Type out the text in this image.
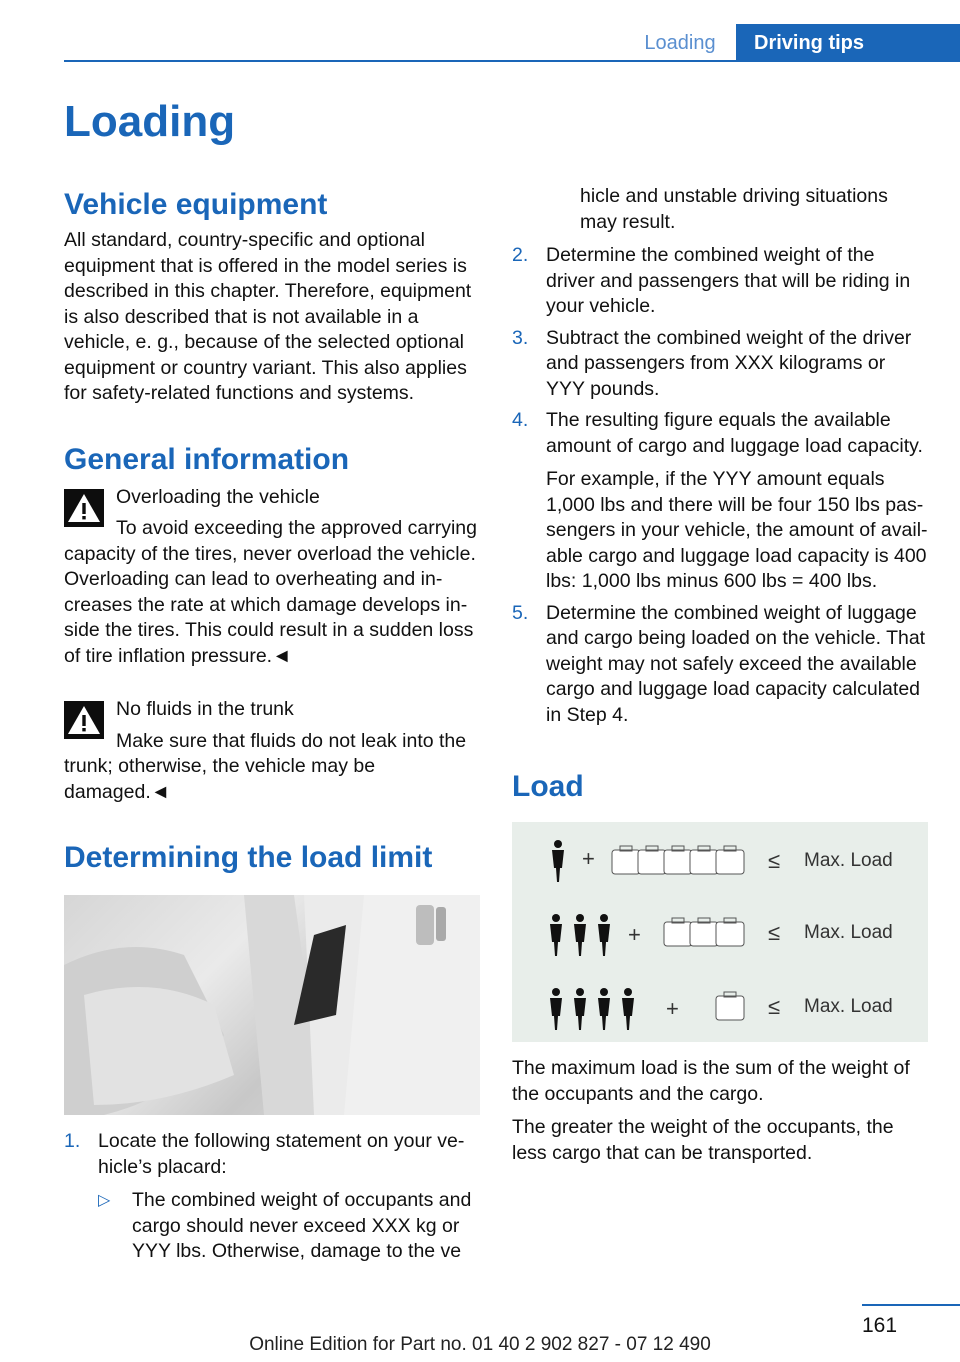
Loading	Driving tips
Loading
Vehicle equipment

All standard, country-specific and optional equipment that is offered in the model series is described in this chapter. Therefore, equipment is also described that is not available in a vehicle, e. g., because of the selected optional equipment or country variant. This also applies for safety-related functions and systems.

General information
Overloading the vehicle

To avoid exceeding the approved carrying capacity of the tires, never overload the vehicle. Overloading can lead to overheating and increases the rate at which damage develops inside the tires. This could result in a sudden loss of tire inflation pressure.◄

No fluids in the trunk

Make sure that fluids do not leak into the trunk; otherwise, the vehicle may be damaged.◄

Determining the load limit
1. Locate the following statement on your vehicle’s placard:

▷ The combined weight of occupants and cargo should never exceed XXX kg or YYY lbs. Otherwise, damage to the ve

hicle and unstable driving situations may result.

2. Determine the combined weight of the driver and passengers that will be riding in your vehicle.

3. Subtract the combined weight of the driver and passengers from XXX kilograms or YYY pounds.

4. The resulting figure equals the available amount of cargo and luggage load capacity.

For example, if the YYY amount equals 1,000 lbs and there will be four 150 lbs passengers in your vehicle, the amount of available cargo and luggage load capacity is 400 lbs: 1,000 lbs minus 600 lbs = 400 lbs.

5. Determine the combined weight of luggage and cargo being loaded on the vehicle. That weight may not safely exceed the available cargo and luggage load capacity calculated in Step 4.

Load
+	≤ Max. Load
+	≤ Max. Load
+	≤ Max. Load

The maximum load is the sum of the weight of the occupants and the cargo.

The greater the weight of the occupants, the less cargo that can be transported.

161
Online Edition for Part no. 01 40 2 902 827 - 07 12 490
